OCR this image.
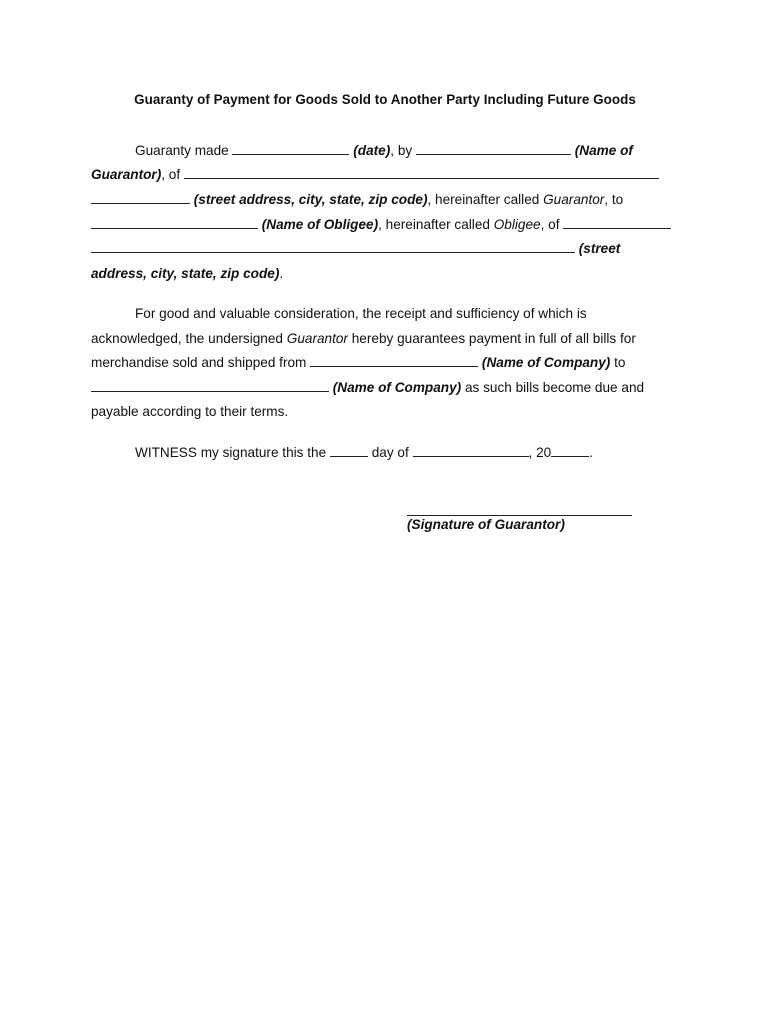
Guaranty of Payment for Goods Sold to Another Party Including Future Goods
Guaranty made	(date), by	(Name of
Guarantor), of
(street address, city, state, zip code), hereinafter called Guarantor, to
(Name of Obligee), hereinafter called Obligee, of
(street
address, city, state, zip code).
For good and valuable consideration, the receipt and sufficiency of which is
acknowledged, the undersigned Guarantor hereby guarantees payment in full of all bills for
merchandise sold and shipped from	(Name of Company) to
(Name of Company) as such bills become due and
payable according to their terms.
WITNESS my signature this the	day of	, 20	.
(Signature of Guarantor)
